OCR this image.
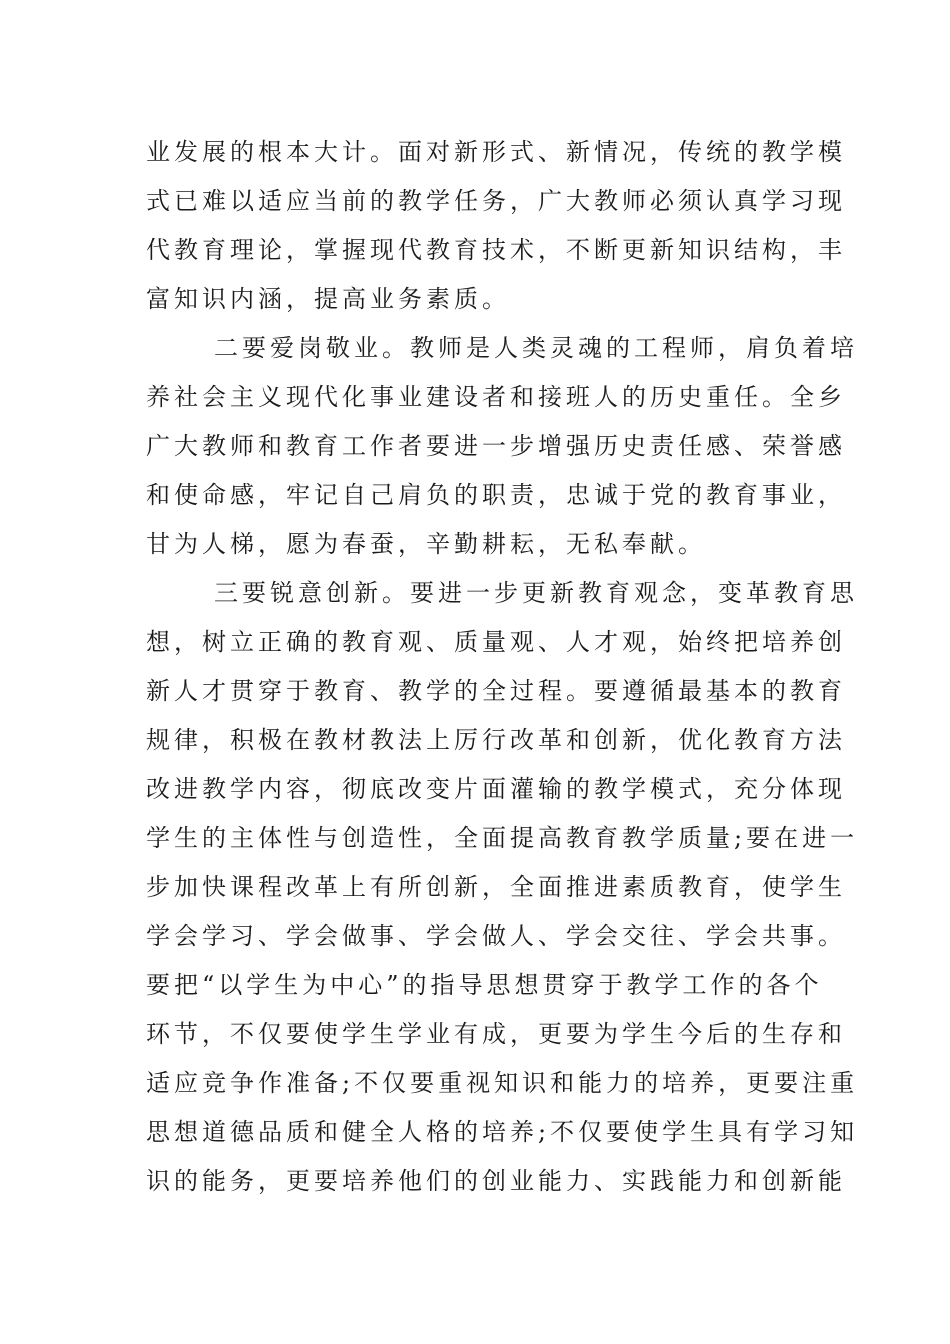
业发展的根本大计。面对新形式、新情况，传统的教学模
式已难以适应当前的教学任务，广大教师必须认真学习现
代教育理论，掌握现代教育技术，不断更新知识结构，丰
富知识内涵，提高业务素质。
二要爱岗敬业。教师是人类灵魂的工程师，肩负着培
养社会主义现代化事业建设者和接班人的历史重任。全乡
广大教师和教育工作者要进一步增强历史责任感、荣誉感
和使命感，牢记自己肩负的职责，忠诚于党的教育事业，
甘为人梯，愿为春蚕，辛勤耕耘，无私奉献。
三要锐意创新。要进一步更新教育观念，变革教育思
想，树立正确的教育观、质量观、人才观，始终把培养创
新人才贯穿于教育、教学的全过程。要遵循最基本的教育
规律，积极在教材教法上厉行改革和创新，优化教育方法
改进教学内容，彻底改变片面灌输的教学模式，充分体现
学生的主体性与创造性，全面提高教育教学质量;要在进一
步加快课程改革上有所创新，全面推进素质教育，使学生
学会学习、学会做事、学会做人、学会交往、学会共事。
要把“以学生为中心”的指导思想贯穿于教学工作的各个
环节，不仅要使学生学业有成，更要为学生今后的生存和
适应竞争作准备;不仅要重视知识和能力的培养，更要注重
思想道德品质和健全人格的培养;不仅要使学生具有学习知
识的能务，更要培养他们的创业能力、实践能力和创新能
